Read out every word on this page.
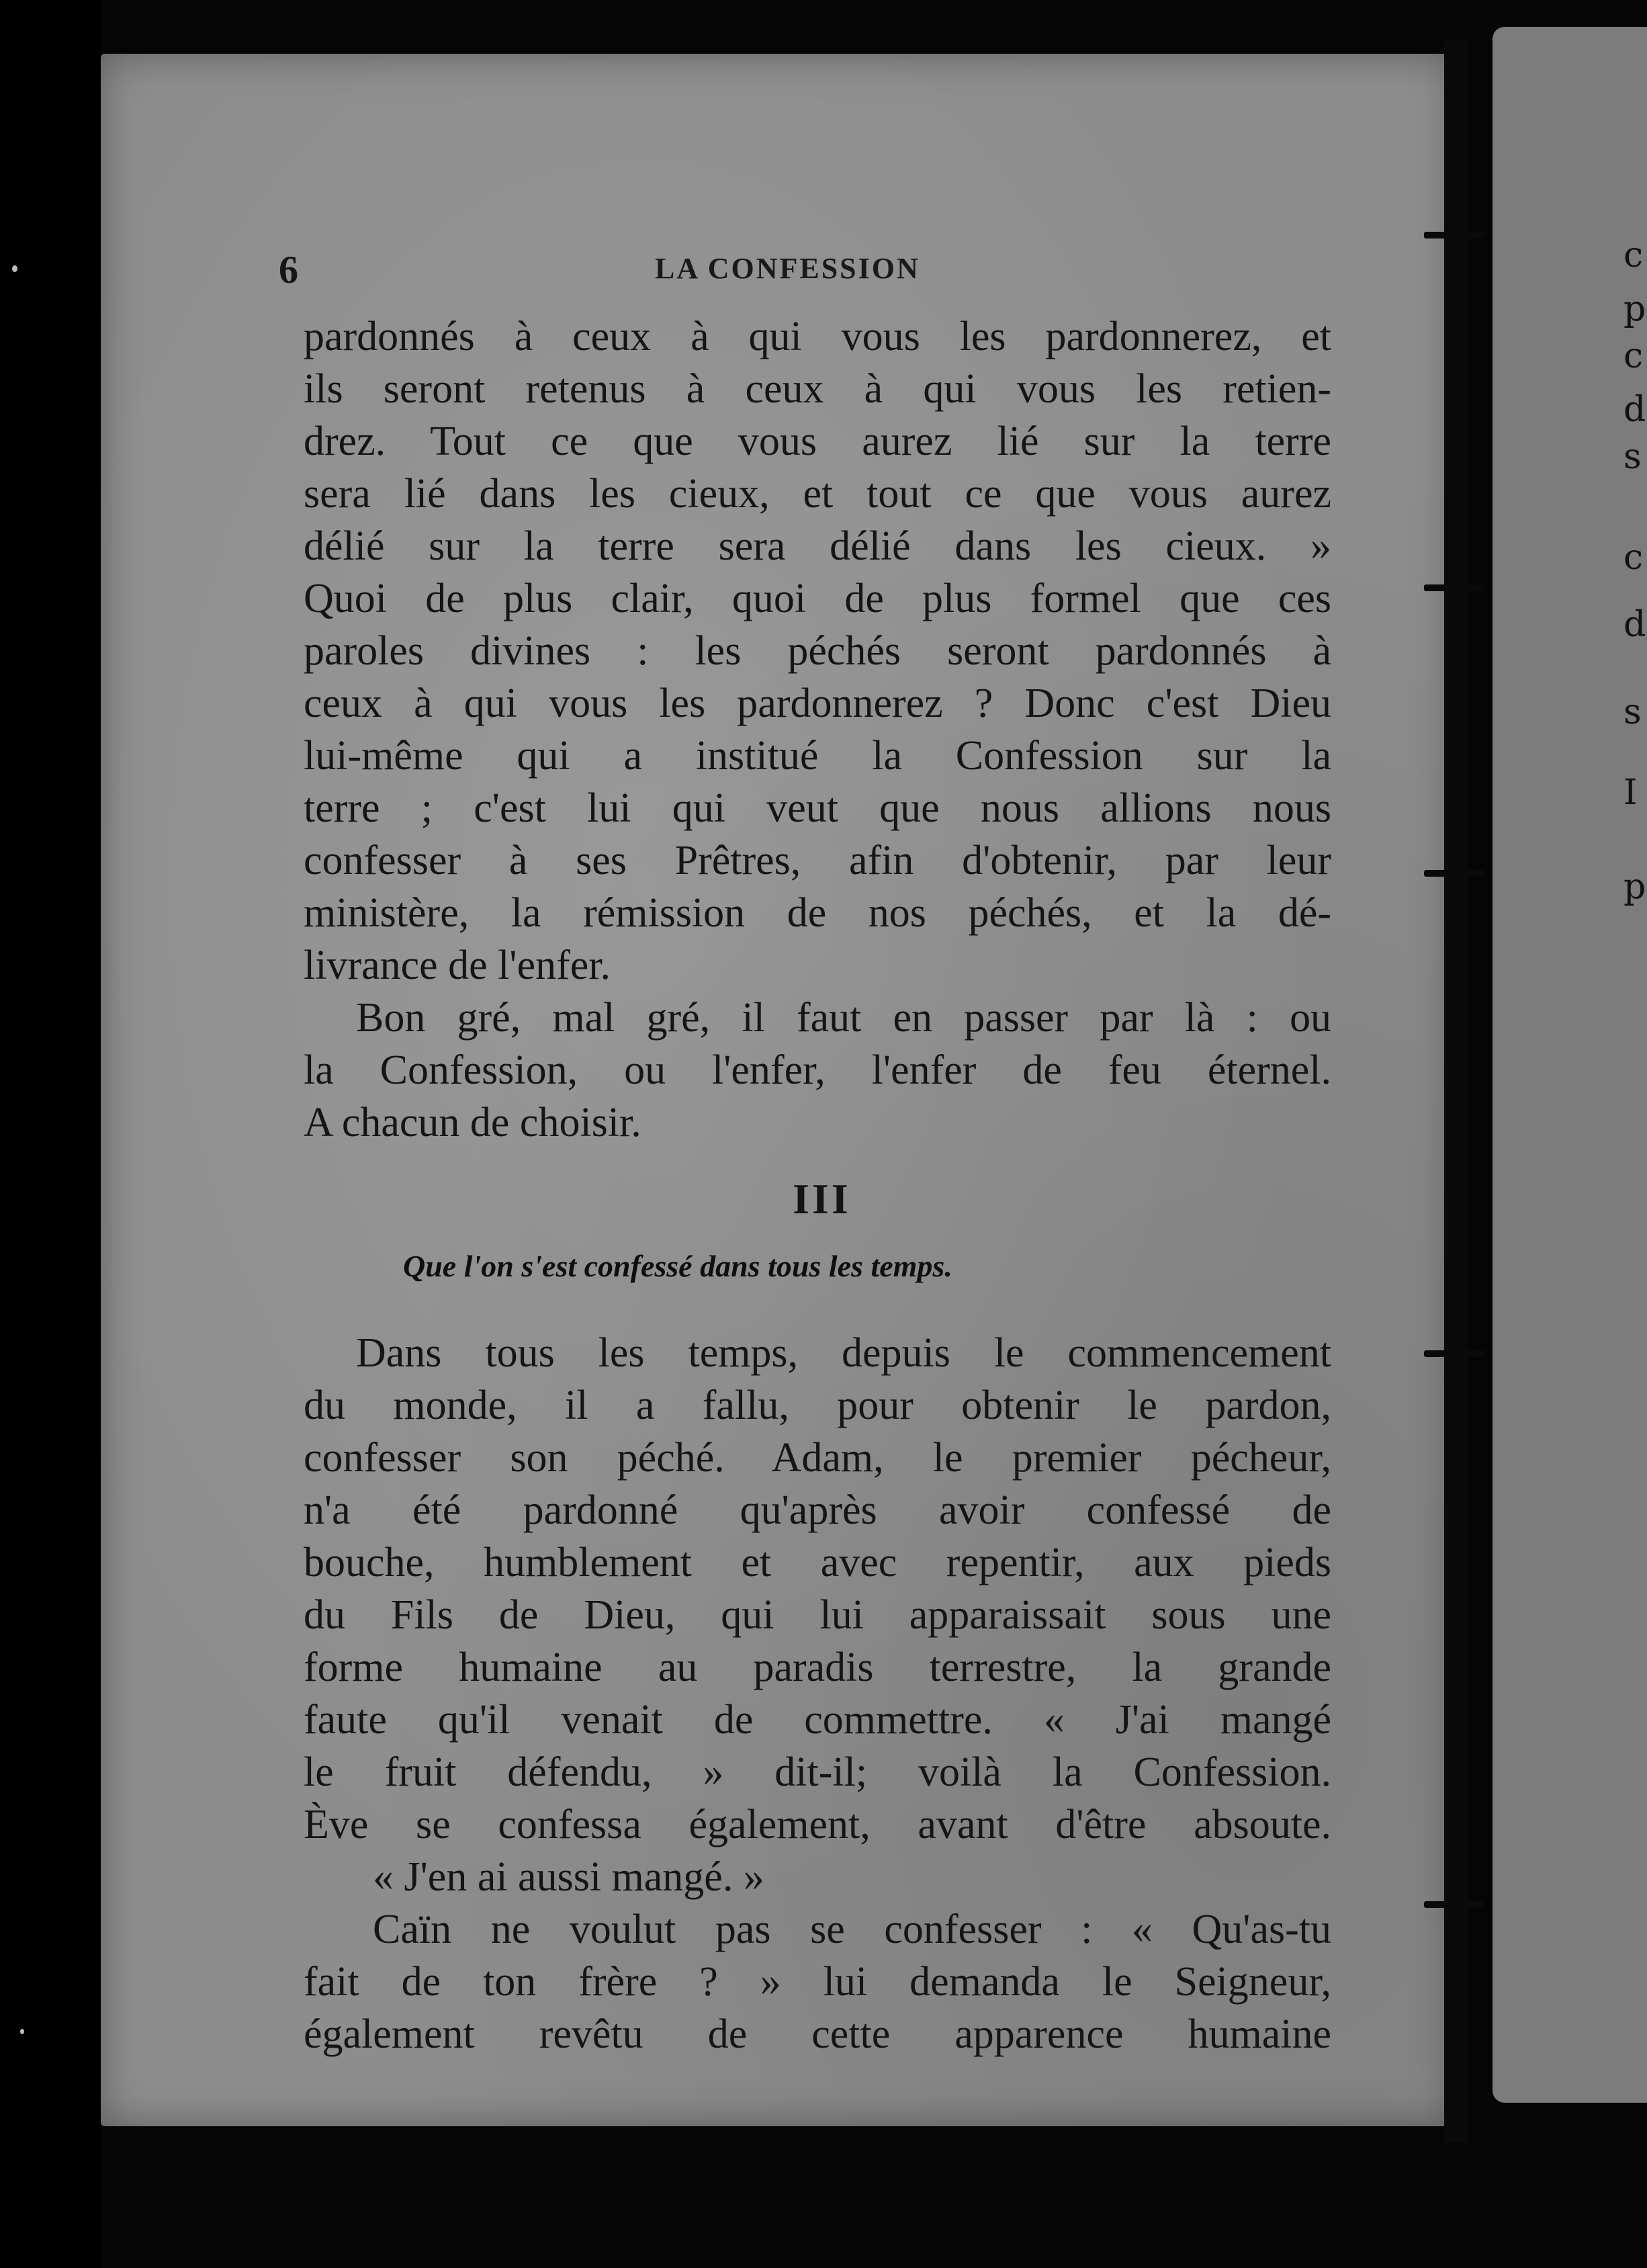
c
p
c
d
s
c
d
s
I
p
6	LA CONFESSION
pardonnés à ceux à qui vous les pardonnerez, et
ils seront retenus à ceux à qui vous les retien-
drez. Tout ce que vous aurez lié sur la terre
sera lié dans les cieux, et tout ce que vous aurez
délié sur la terre sera délié dans les cieux. »
Quoi de plus clair, quoi de plus formel que ces
paroles divines : les péchés seront pardonnés à
ceux à qui vous les pardonnerez ? Donc c'est Dieu
lui-même qui a institué la Confession sur la
terre ; c'est lui qui veut que nous allions nous
confesser à ses Prêtres, afin d'obtenir, par leur
ministère, la rémission de nos péchés, et la dé-
livrance de l'enfer.
Bon gré, mal gré, il faut en passer par là : ou
la Confession, ou l'enfer, l'enfer de feu éternel.
A chacun de choisir.
III
Que l'on s'est confessé dans tous les temps.
Dans tous les temps, depuis le commencement
du monde, il a fallu, pour obtenir le pardon,
confesser son péché. Adam, le premier pécheur,
n'a été pardonné qu'après avoir confessé de
bouche, humblement et avec repentir, aux pieds
du Fils de Dieu, qui lui apparaissait sous une
forme humaine au paradis terrestre, la grande
faute qu'il venait de commettre. « J'ai mangé
le fruit défendu, » dit-il; voilà la Confession.
Ève se confessa également, avant d'être absoute.
« J'en ai aussi mangé. »
Caïn ne voulut pas se confesser : « Qu'as-tu
fait de ton frère ? » lui demanda le Seigneur,
également revêtu de cette apparence humaine
